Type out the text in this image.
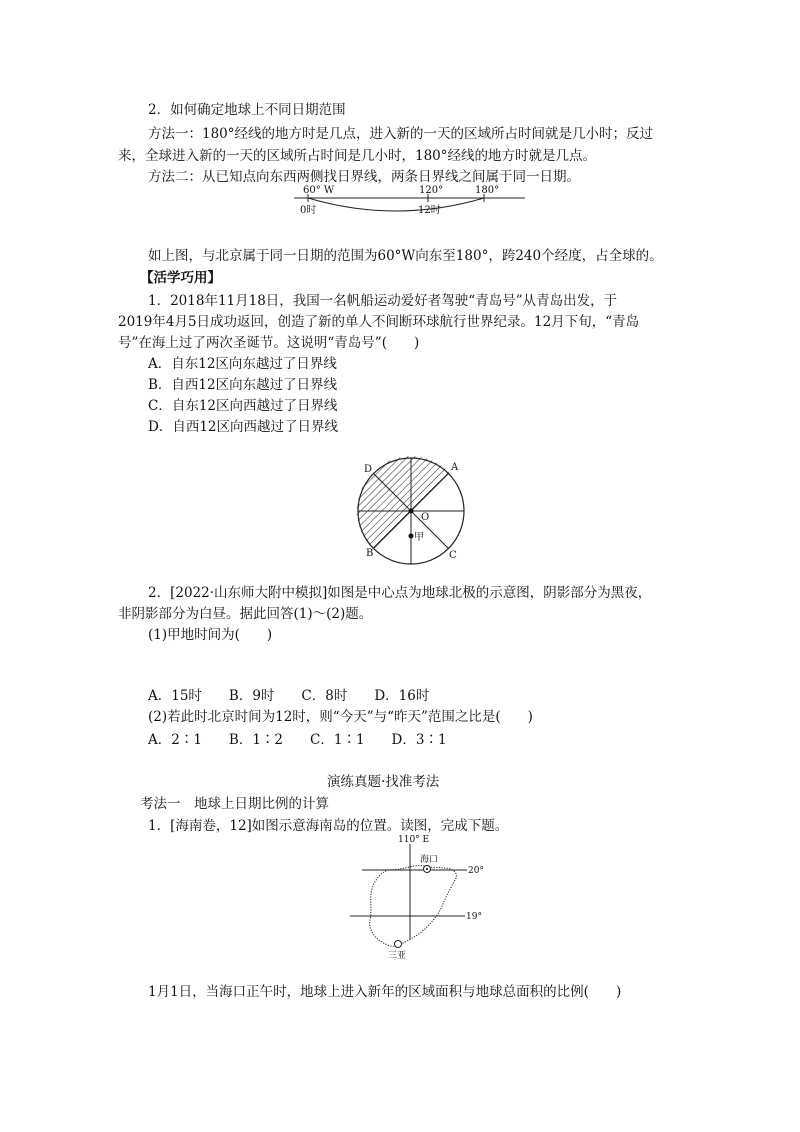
2．如何确定地球上不同日期范围
方法一：180°经线的地方时是几点，进入新的一天的区域所占时间就是几小时；反过
来，全球进入新的一天的区域所占时间是几小时，180°经线的地方时就是几点。
方法二：从已知点向东西两侧找日界线，两条日界线之间属于同一日期。
60° W	120°	180°
0时	12时
如上图，与北京属于同一日期的范围为60°W向东至180°，跨240个经度，占全球的。
【活学巧用】
1．2018年11月18日，我国一名帆船运动爱好者驾驶“青岛号”从青岛出发，于
2019年4月5日成功返回，创造了新的单人不间断环球航行世界纪录。12月下旬，“青岛
号”在海上过了两次圣诞节。这说明“青岛号”(　　)
A．自东12区向东越过了日界线
B．自西12区向东越过了日界线
C．自东12区向西越过了日界线
D．自西12区向西越过了日界线
A
D
B	C
O
甲
2．[2022·山东师大附中模拟]如图是中心点为地球北极的示意图，阴影部分为黑夜，
非阴影部分为白昼。据此回答(1)～(2)题。
(1)甲地时间为(　　)
A．15时　　B．9时　　C．8时　　D．16时
(2)若此时北京时间为12时，则“今天”与“昨天”范围之比是(　　)
A．2∶1　　B．1∶2　　C．1∶1　　D．3∶1
演练真题·找准考法
考法一　地球上日期比例的计算
1．[海南卷，12]如图示意海南岛的位置。读图，完成下题。
110° E
海口
20°
19°
三亚
1月1日，当海口正午时，地球上进入新年的区域面积与地球总面积的比例(　　)
